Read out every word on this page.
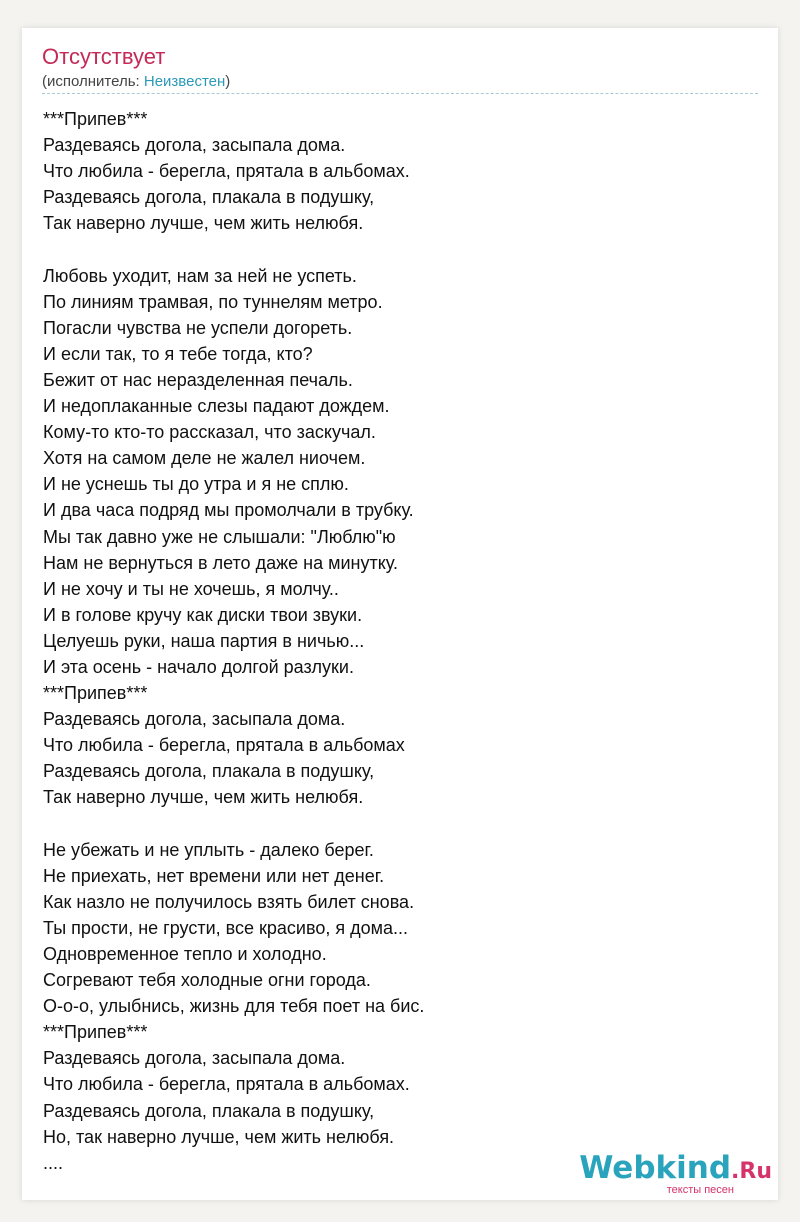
Отсутствует
(исполнитель: Неизвестен)
***Припев***
Раздеваясь догола, засыпала дома.
Что любила - берегла, прятала в альбомах.
Раздеваясь догола, плакала в подушку,
Так наверно лучше, чем жить нелюбя.
Любовь уходит, нам за ней не успеть.
По линиям трамвая, по туннелям метро.
Погасли чувства не успели догореть.
И если так, то я тебе тогда, кто?
Бежит от нас неразделенная печаль.
И недоплаканные слезы падают дождем.
Кому-то кто-то рассказал, что заскучал.
Хотя на самом деле не жалел ниочем.
И не уснешь ты до утра и я не сплю.
И два часа подряд мы промолчали в трубку.
Мы так давно уже не слышали: "Люблю"ю
Нам не вернуться в лето даже на минутку.
И не хочу и ты не хочешь, я молчу..
И в голове кручу как диски твои звуки.
Целуешь руки, наша партия в ничью...
И эта осень - начало долгой разлуки.
***Припев***
Раздеваясь догола, засыпала дома.
Что любила - берегла, прятала в альбомах
Раздеваясь догола, плакала в подушку,
Так наверно лучше, чем жить нелюбя.
Не убежать и не уплыть - далеко берег.
Не приехать, нет времени или нет денег.
Как назло не получилось взять билет снова.
Ты прости, не грусти, все красиво, я дома...
Одновременное тепло и холодно.
Согревают тебя холодные огни города.
О-о-о, улыбнись, жизнь для тебя поет на бис.
***Припев***
Раздеваясь догола, засыпала дома.
Что любила - берегла, прятала в альбомах.
Раздеваясь догола, плакала в подушку,
Но, так наверно лучше, чем жить нелюбя.
....	Webkind.Ru
тексты песен
